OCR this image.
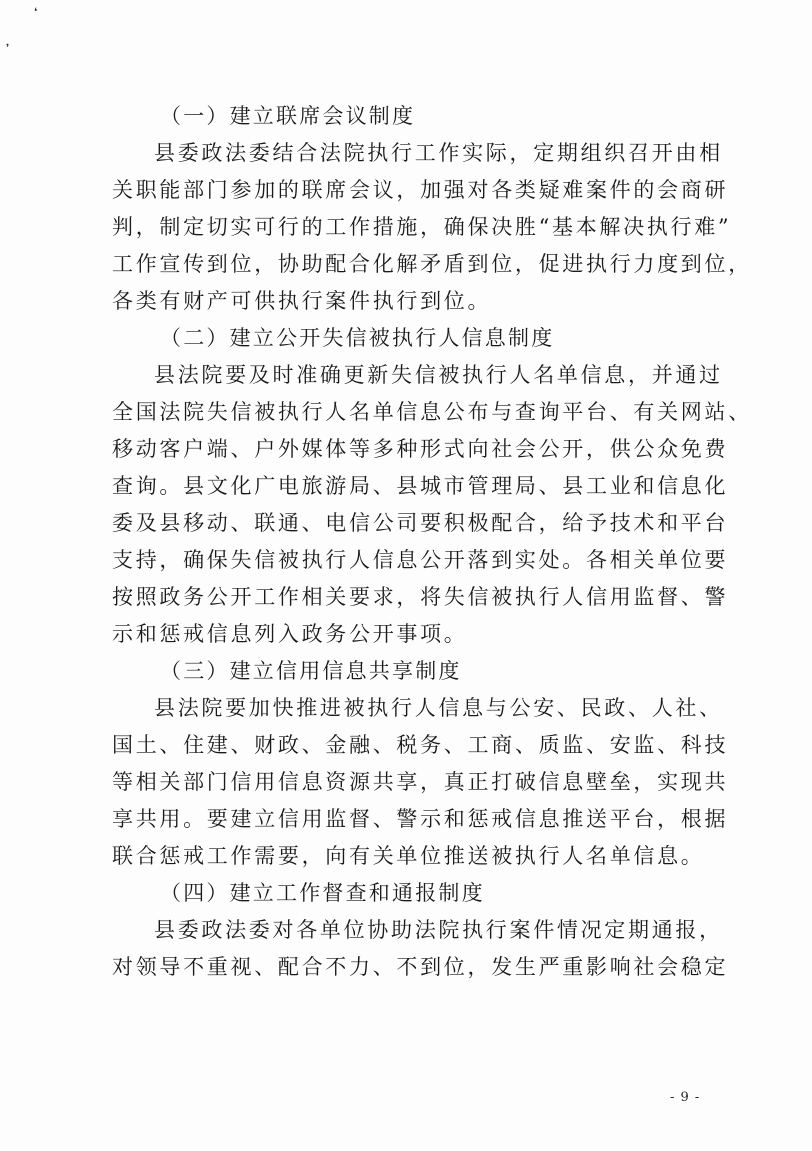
❛
❜
（一）建立联席会议制度
县委政法委结合法院执行工作实际，定期组织召开由相
关职能部门参加的联席会议，加强对各类疑难案件的会商研
判，制定切实可行的工作措施，确保决胜“基本解决执行难”
工作宣传到位，协助配合化解矛盾到位，促进执行力度到位，
各类有财产可供执行案件执行到位。
（二）建立公开失信被执行人信息制度
县法院要及时准确更新失信被执行人名单信息，并通过
全国法院失信被执行人名单信息公布与查询平台、有关网站、
移动客户端、户外媒体等多种形式向社会公开，供公众免费
查询。县文化广电旅游局、县城市管理局、县工业和信息化
委及县移动、联通、电信公司要积极配合，给予技术和平台
支持，确保失信被执行人信息公开落到实处。各相关单位要
按照政务公开工作相关要求，将失信被执行人信用监督、警
示和惩戒信息列入政务公开事项。
（三）建立信用信息共享制度
县法院要加快推进被执行人信息与公安、民政、人社、
国土、住建、财政、金融、税务、工商、质监、安监、科技
等相关部门信用信息资源共享，真正打破信息壁垒，实现共
享共用。要建立信用监督、警示和惩戒信息推送平台，根据
联合惩戒工作需要，向有关单位推送被执行人名单信息。
（四）建立工作督查和通报制度
县委政法委对各单位协助法院执行案件情况定期通报，
对领导不重视、配合不力、不到位，发生严重影响社会稳定
- 9 -
